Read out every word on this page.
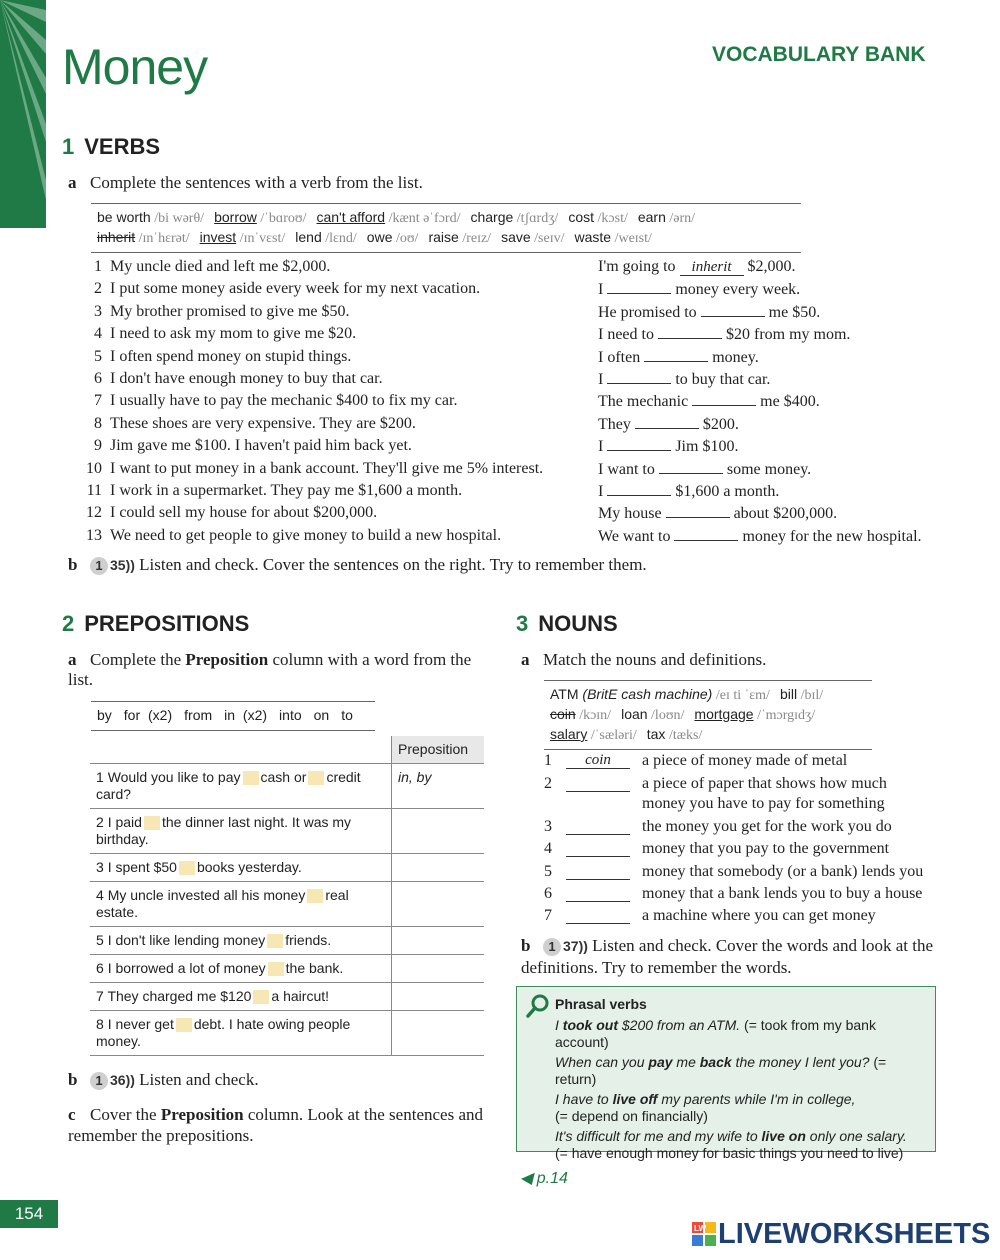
Money	VOCABULARY BANK
1 VERBS
a Complete the sentences with a verb from the list.
be worth /bi wərθ/ borrow /ˈbɑroʊ/ can't afford /kænt əˈfɔrd/ charge /tʃɑrdʒ/ cost /kɔst/ earn /ərn/
inherit /ɪnˈhɛrət/ invest /ɪnˈvɛst/ lend /lɛnd/ owe /oʊ/ raise /reɪz/ save /seɪv/ waste /weɪst/
1 My uncle died and left me $2,000.	I'm going to inherit $2,000.
2 I put some money aside every week for my next vacation.	I	money every week.
3 My brother promised to give me $50.	He promised to	me $50.
4 I need to ask my mom to give me $20.	I need to	$20 from my mom.
5 I often spend money on stupid things.	I often	money.
6 I don't have enough money to buy that car.	I	to buy that car.
7 I usually have to pay the mechanic $400 to fix my car.	The mechanic	me $400.
8 These shoes are very expensive. They are $200.	They	$200.
9 Jim gave me $100. I haven't paid him back yet.	I	Jim $100.
10 I want to put money in a bank account. They'll give me 5% interest.	I want to	some money.
11 I work in a supermarket. They pay me $1,600 a month.	I	$1,600 a month.
12 I could sell my house for about $200,000.	My house	about $200,000.
13 We need to get people to give money to build a new hospital.	We want to	money for the new hospital.
b 1 35)) Listen and check. Cover the sentences on the right. Try to remember them.
2 PREPOSITIONS
a Complete the Preposition column with a word from the list.
by for (x2) from in (x2) into on to
	Preposition
1 Would you like to pay cash or credit card?	in, by
2 I paid the dinner last night. It was my birthday.	
3 I spent $50 books yesterday.	
4 My uncle invested all his money real estate.	
5 I don't like lending money friends.	
6 I borrowed a lot of money the bank.	
7 They charged me $120 a haircut!	
8 I never get debt. I hate owing people money.	
b 1 36)) Listen and check.
c Cover the Preposition column. Look at the sentences and remember the prepositions.
3 NOUNS
a Match the nouns and definitions.
ATM (BritE cash machine) /eɪ ti ˈɛm/ bill /bɪl/
coin /kɔɪn/ loan /loʊn/ mortgage /ˈmɔrgɪdʒ/
salary /ˈsæləri/ tax /tæks/
1 coin a piece of money made of metal
2	a piece of paper that shows how much money you have to pay for something
3	the money you get for the work you do
4	money that you pay to the government
5	money that somebody (or a bank) lends you
6	money that a bank lends you to buy a house
7	a machine where you can get money
b 1 37)) Listen and check. Cover the words and look at the definitions. Try to remember the words.
Phrasal verbs

I took out $200 from an ATM. (= took from my bank account)

When can you pay me back the money I lent you? (= return)

I have to live off my parents while I'm in college,
(= depend on financially)

It's difficult for me and my wife to live on only one salary.
(= have enough money for basic things you need to live)

◀ p.14
154
LW LIVEWORKSHEETS
